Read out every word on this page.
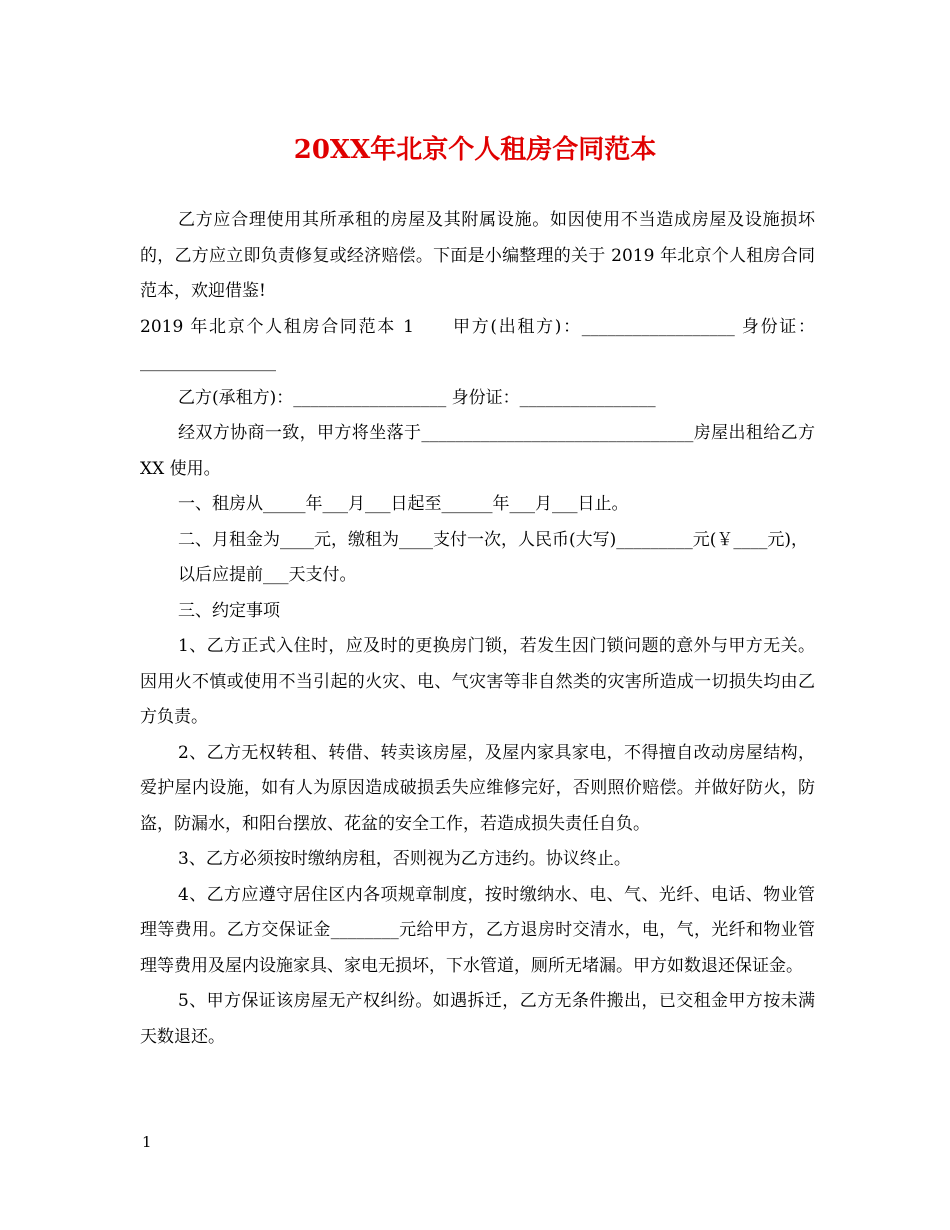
20XX年北京个人租房合同范本

乙方应合理使用其所承租的房屋及其附属设施。如因使用不当造成房屋及设施损坏的，乙方应立即负责修复或经济赔偿。下面是小编整理的关于 2019 年北京个人租房合同范本，欢迎借鉴!

2019 年北京个人租房合同范本 1　　甲方(出租方)：__________________ 身份证：________________

乙方(承租方)：__________________ 身份证：________________

经双方协商一致，甲方将坐落于________________________________房屋出租给乙方 XX 使用。

一、租房从_____年___月___日起至______年___月___日止。

二、月租金为____元，缴租为____支付一次，人民币(大写)_________元(￥____元)，

以后应提前___天支付。

三、约定事项

1、乙方正式入住时，应及时的更换房门锁，若发生因门锁问题的意外与甲方无关。因用火不慎或使用不当引起的火灾、电、气灾害等非自然类的灾害所造成一切损失均由乙方负责。

2、乙方无权转租、转借、转卖该房屋，及屋内家具家电，不得擅自改动房屋结构，爱护屋内设施，如有人为原因造成破损丢失应维修完好，否则照价赔偿。并做好防火，防盗，防漏水，和阳台摆放、花盆的安全工作，若造成损失责任自负。

3、乙方必须按时缴纳房租，否则视为乙方违约。协议终止。

4、乙方应遵守居住区内各项规章制度，按时缴纳水、电、气、光纤、电话、物业管理等费用。乙方交保证金________元给甲方，乙方退房时交清水，电，气，光纤和物业管理等费用及屋内设施家具、家电无损坏，下水管道，厕所无堵漏。甲方如数退还保证金。

5、甲方保证该房屋无产权纠纷。如遇拆迁，乙方无条件搬出，已交租金甲方按未满天数退还。

1
